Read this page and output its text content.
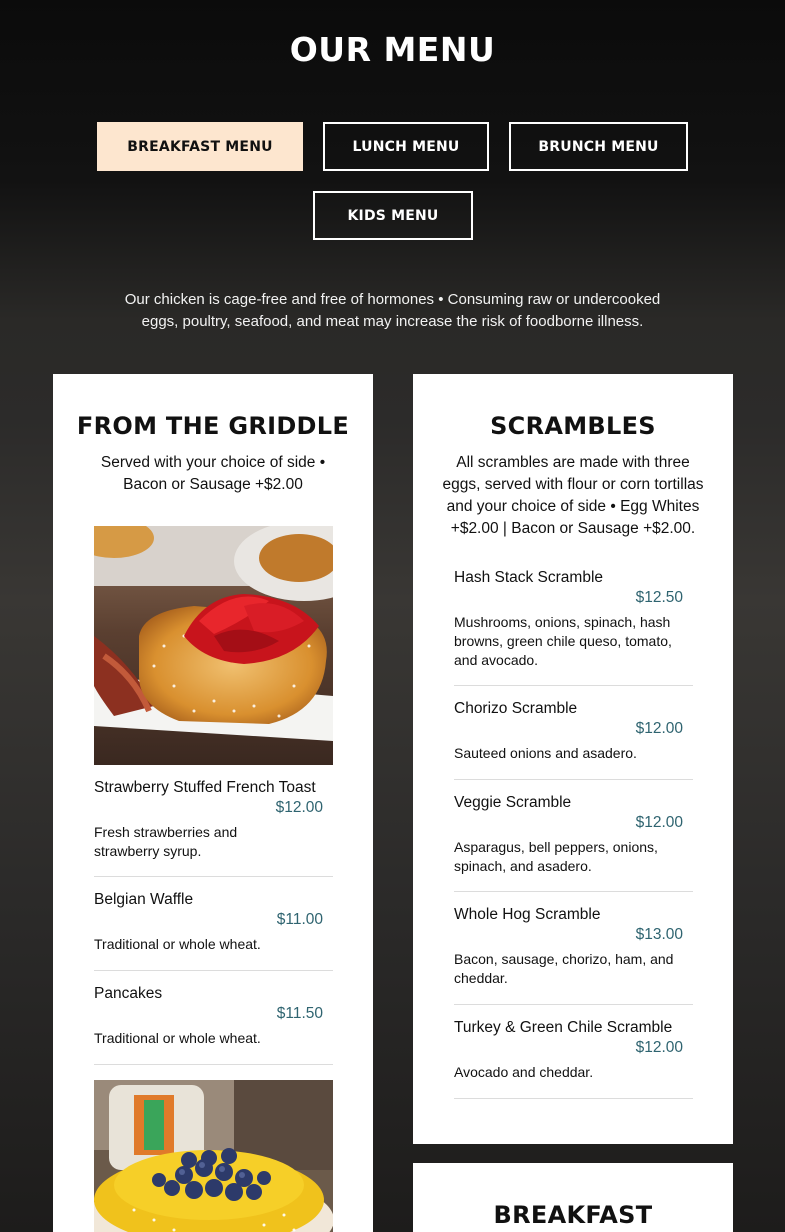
OUR MENU
BREAKFAST MENU	LUNCH MENU	BRUNCH MENU
KIDS MENU
Our chicken is cage-free and free of hormones • Consuming raw or undercooked eggs, poultry, seafood, and meat may increase the risk of foodborne illness.
FROM THE GRIDDLE
Served with your choice of side • Bacon or Sausage +$2.00
Strawberry Stuffed French Toast
$12.00
Fresh strawberries and strawberry syrup.
Belgian Waffle
$11.00
Traditional or whole wheat.
Pancakes
$11.50
Traditional or whole wheat.
SCRAMBLES
All scrambles are made with three eggs, served with flour or corn tortillas and your choice of side • Egg Whites +$2.00 | Bacon or Sausage +$2.00.
Hash Stack Scramble
$12.50
Mushrooms, onions, spinach, hash browns, green chile queso, tomato, and avocado.
Chorizo Scramble
$12.00
Sauteed onions and asadero.
Veggie Scramble
$12.00
Asparagus, bell peppers, onions, spinach, and asadero.
Whole Hog Scramble
$13.00
Bacon, sausage, chorizo, ham, and cheddar.
Turkey & Green Chile Scramble
$12.00
Avocado and cheddar.
BREAKFAST
